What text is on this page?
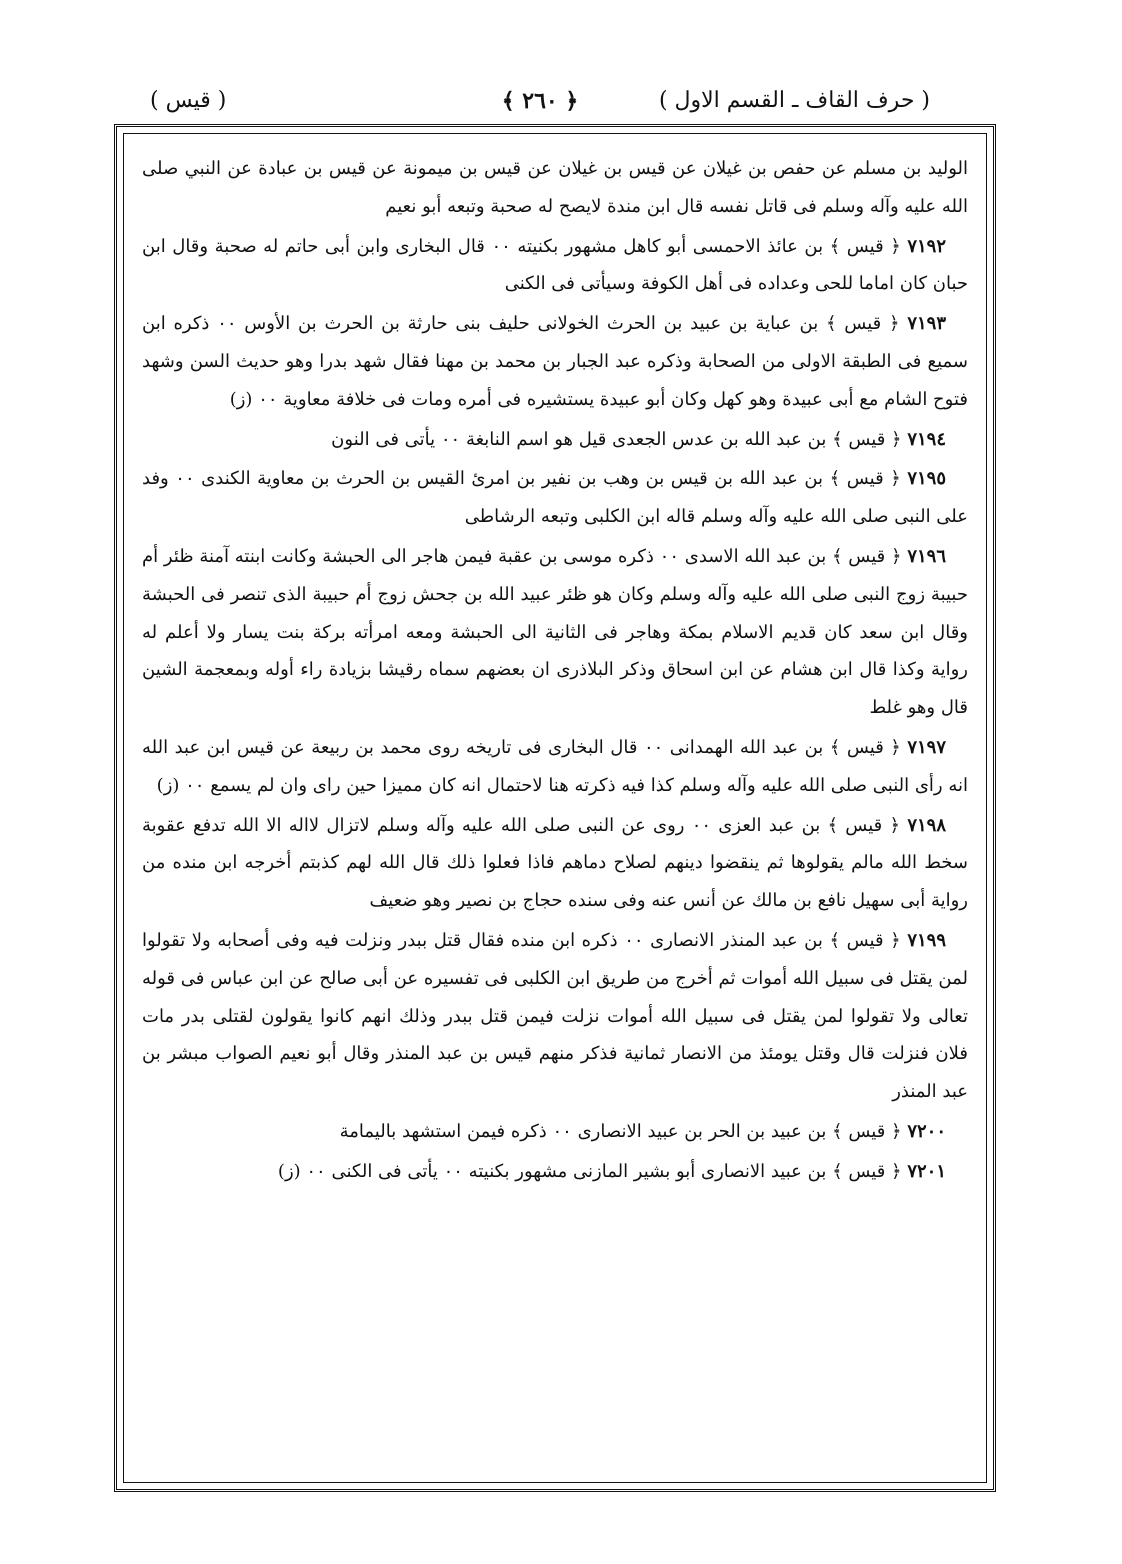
( حرف القاف ـ القسم الاول )
﴿ ٢٦٠ ﴾
( قيس )

الوليد بن مسلم عن حفص بن غيلان عن قيس بن غيلان عن قيس بن ميمونة عن قيس بن عبادة عن النبي صلى الله عليه وآله وسلم فى قاتل نفسه قال ابن مندة لايصح له صحبة وتبعه أبو نعيم

٧١٩٢ ﴿ قيس ﴾ بن عائذ الاحمسى أبو كاهل مشهور بكنيته ٠٠ قال البخارى وابن أبى حاتم له صحبة وقال ابن حبان كان اماما للحى وعداده فى أهل الكوفة وسيأتى فى الكنى

٧١٩٣ ﴿ قيس ﴾ بن عباية بن عبيد بن الحرث الخولانى حليف بنى حارثة بن الحرث بن الأوس ٠٠ ذكره ابن سميع فى الطبقة الاولى من الصحابة وذكره عبد الجبار بن محمد بن مهنا فقال شهد بدرا وهو حديث السن وشهد فتوح الشام مع أبى عبيدة وهو كهل وكان أبو عبيدة يستشيره فى أمره ومات فى خلافة معاوية ٠٠ (ز)

٧١٩٤ ﴿ قيس ﴾ بن عبد الله بن عدس الجعدى قيل هو اسم النابغة ٠٠ يأتى فى النون

٧١٩٥ ﴿ قيس ﴾ بن عبد الله بن قيس بن وهب بن نفير بن امرئ القيس بن الحرث بن معاوية الكندى ٠٠ وفد على النبى صلى الله عليه وآله وسلم قاله ابن الكلبى وتبعه الرشاطى

٧١٩٦ ﴿ قيس ﴾ بن عبد الله الاسدى ٠٠ ذكره موسى بن عقبة فيمن هاجر الى الحبشة وكانت ابنته آمنة ظئر أم حبيبة زوج النبى صلى الله عليه وآله وسلم وكان هو ظئر عبيد الله بن جحش زوج أم حبيبة الذى تنصر فى الحبشة وقال ابن سعد كان قديم الاسلام بمكة وهاجر فى الثانية الى الحبشة ومعه امرأته بركة بنت يسار ولا أعلم له رواية وكذا قال ابن هشام عن ابن اسحاق وذكر البلاذرى ان بعضهم سماه رقيشا بزيادة راء أوله وبمعجمة الشين قال وهو غلط

٧١٩٧ ﴿ قيس ﴾ بن عبد الله الهمدانى ٠٠ قال البخارى فى تاريخه روى محمد بن ربيعة عن قيس ابن عبد الله انه رأى النبى صلى الله عليه وآله وسلم كذا فيه ذكرته هنا لاحتمال انه كان مميزا حين راى وان لم يسمع ٠٠ (ز)

٧١٩٨ ﴿ قيس ﴾ بن عبد العزى ٠٠ روى عن النبى صلى الله عليه وآله وسلم لاتزال لااله الا الله تدفع عقوبة سخط الله مالم يقولوها ثم ينقضوا دينهم لصلاح دماهم فاذا فعلوا ذلك قال الله لهم كذبتم أخرجه ابن منده من رواية أبى سهيل نافع بن مالك عن أنس عنه وفى سنده حجاج بن نصير وهو ضعيف

٧١٩٩ ﴿ قيس ﴾ بن عبد المنذر الانصارى ٠٠ ذكره ابن منده فقال قتل ببدر ونزلت فيه وفى أصحابه ولا تقولوا لمن يقتل فى سبيل الله أموات ثم أخرج من طريق ابن الكلبى فى تفسيره عن أبى صالح عن ابن عباس فى قوله تعالى ولا تقولوا لمن يقتل فى سبيل الله أموات نزلت فيمن قتل ببدر وذلك انهم كانوا يقولون لقتلى بدر مات فلان فنزلت قال وقتل يومئذ من الانصار ثمانية فذكر منهم قيس بن عبد المنذر وقال أبو نعيم الصواب مبشر بن عبد المنذر

٧٢٠٠ ﴿ قيس ﴾ بن عبيد بن الحر بن عبيد الانصارى ٠٠ ذكره فيمن استشهد باليمامة

٧٢٠١ ﴿ قيس ﴾ بن عبيد الانصارى أبو بشير المازنى مشهور بكنيته ٠٠ يأتى فى الكنى ٠٠ (ز)
